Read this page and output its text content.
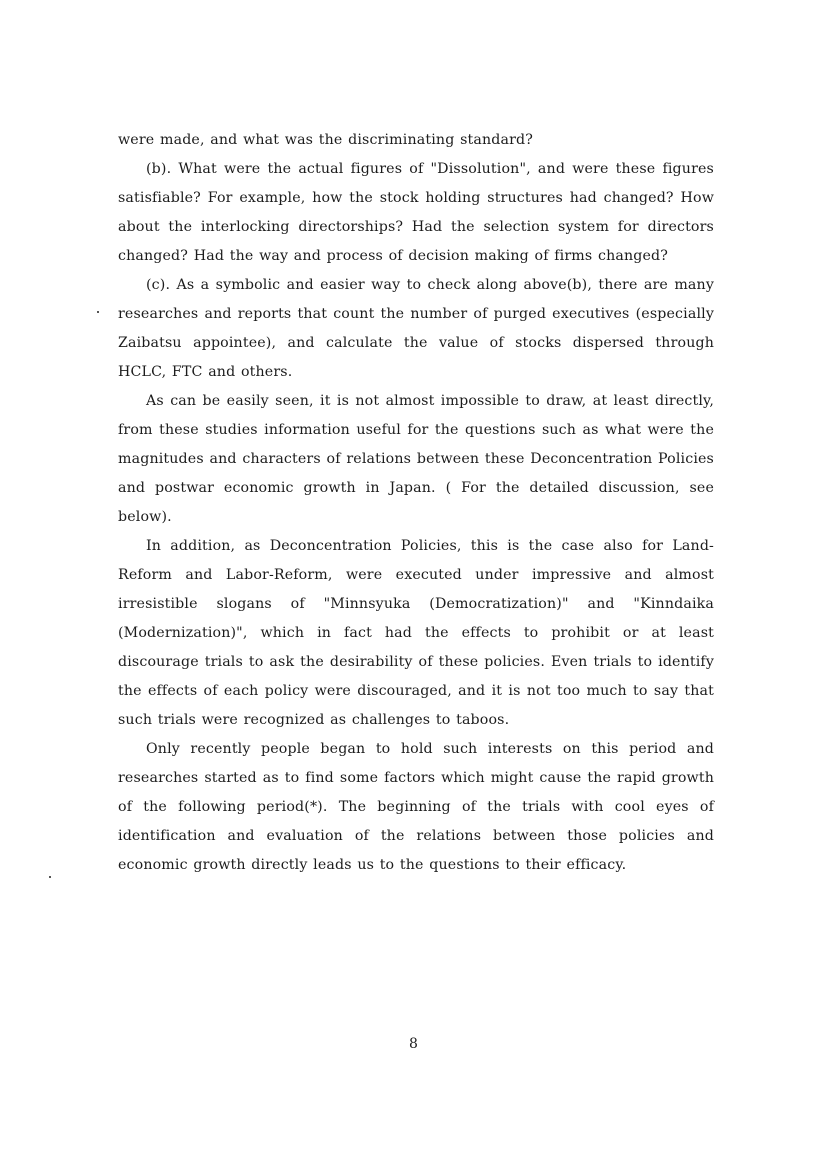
were made, and what was the discriminating standard?

(b). What were the actual figures of "Dissolution", and were these figures satisfiable? For example, how the stock holding structures had changed? How about the interlocking directorships? Had the selection system for directors changed? Had the way and process of decision making of firms changed?

(c). As a symbolic and easier way to check along above(b), there are many researches and reports that count the number of purged executives (especially Zaibatsu appointee), and calculate the value of stocks dispersed through HCLC, FTC and others.

As can be easily seen, it is not almost impossible to draw, at least directly, from these studies information useful for the questions such as what were the magnitudes and characters of relations between these Deconcentration Policies and postwar economic growth in Japan. ( For the detailed discussion, see below).

In addition, as Deconcentration Policies, this is the case also for Land-Reform and Labor-Reform, were executed under impressive and almost irresistible slogans of "Minnsyuka (Democratization)" and "Kinndaika (Modernization)", which in fact had the effects to prohibit or at least discourage trials to ask the desirability of these policies. Even trials to identify the effects of each policy were discouraged, and it is not too much to say that such trials were recognized as challenges to taboos.

Only recently people began to hold such interests on this period and researches started as to find some factors which might cause the rapid growth of the following period(*). The beginning of the trials with cool eyes of identification and evaluation of the relations between those policies and economic growth directly leads us to the questions to their efficacy.

8
